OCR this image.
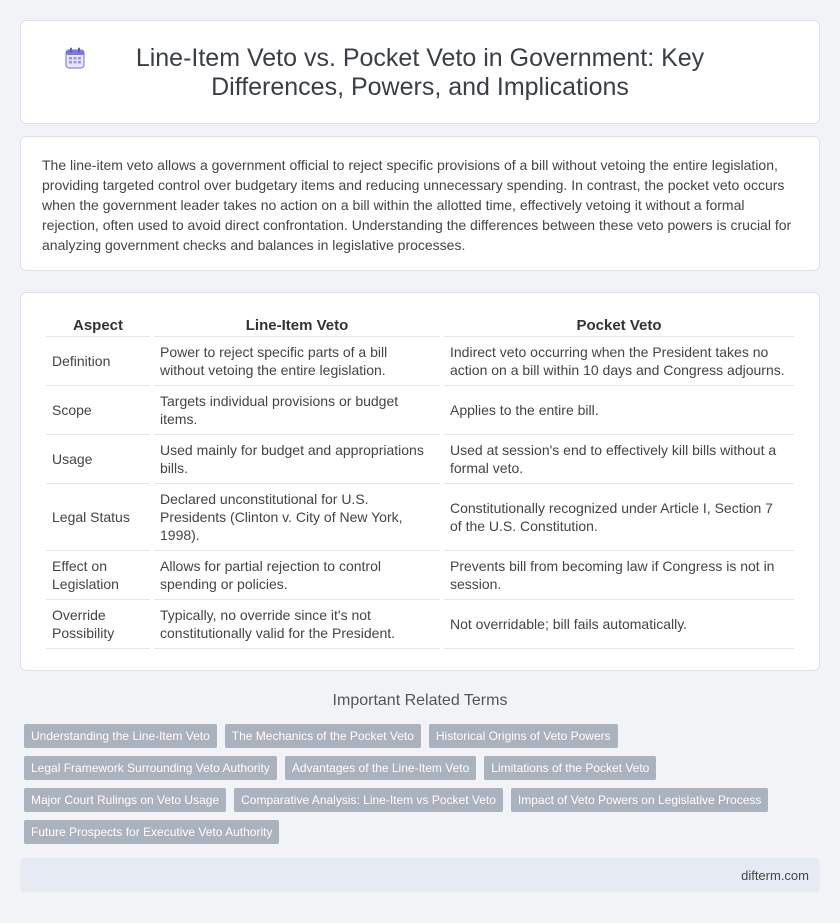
Line-Item Veto vs. Pocket Veto in Government: Key Differences, Powers, and Implications

The line-item veto allows a government official to reject specific provisions of a bill without vetoing the entire legislation, providing targeted control over budgetary items and reducing unnecessary spending. In contrast, the pocket veto occurs when the government leader takes no action on a bill within the allotted time, effectively vetoing it without a formal rejection, often used to avoid direct confrontation. Understanding the differences between these veto powers is crucial for analyzing government checks and balances in legislative processes.

Aspect	Line-Item Veto	Pocket Veto
Definition	Power to reject specific parts of a bill without vetoing the entire legislation.	Indirect veto occurring when the President takes no action on a bill within 10 days and Congress adjourns.
Scope	Targets individual provisions or budget items.	Applies to the entire bill.
Usage	Used mainly for budget and appropriations bills.	Used at session's end to effectively kill bills without a formal veto.
Legal Status	Declared unconstitutional for U.S. Presidents (Clinton v. City of New York, 1998).	Constitutionally recognized under Article I, Section 7 of the U.S. Constitution.
Effect on Legislation	Allows for partial rejection to control spending or policies.	Prevents bill from becoming law if Congress is not in session.
Override Possibility	Typically, no override since it's not constitutionally valid for the President.	Not overridable; bill fails automatically.
Important Related Terms
Understanding the Line-Item Veto	The Mechanics of the Pocket Veto	Historical Origins of Veto Powers
Legal Framework Surrounding Veto Authority	Advantages of the Line-Item Veto	Limitations of the Pocket Veto
Major Court Rulings on Veto Usage	Comparative Analysis: Line-Item vs Pocket Veto	Impact of Veto Powers on Legislative Process
Future Prospects for Executive Veto Authority
difterm.com
